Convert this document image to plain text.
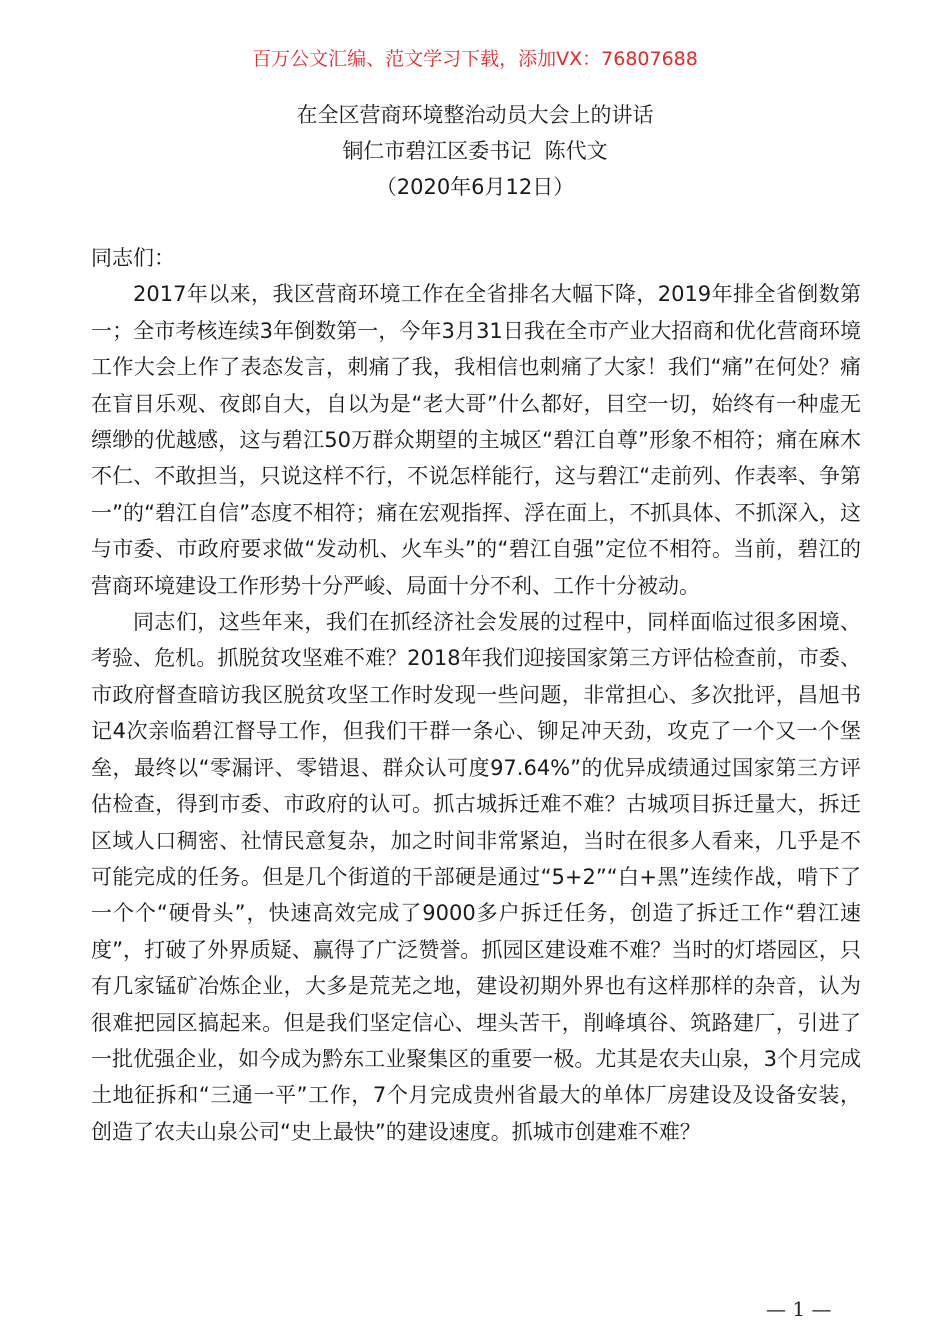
百万公文汇编、范文学习下载，添加VX：76807688
在全区营商环境整治动员大会上的讲话
铜仁市碧江区委书记  陈代文
（2020年6月12日）

同志们：

2017年以来，我区营商环境工作在全省排名大幅下降，2019年排全省倒数第一；全市考核连续3年倒数第一，今年3月31日我在全市产业大招商和优化营商环境工作大会上作了表态发言，刺痛了我，我相信也刺痛了大家！我们“痛”在何处？痛在盲目乐观、夜郎自大，自以为是“老大哥”什么都好，目空一切，始终有一种虚无缥缈的优越感，这与碧江50万群众期望的主城区“碧江自尊”形象不相符；痛在麻木不仁、不敢担当，只说这样不行，不说怎样能行，这与碧江“走前列、作表率、争第一”的“碧江自信”态度不相符；痛在宏观指挥、浮在面上，不抓具体、不抓深入，这与市委、市政府要求做“发动机、火车头”的“碧江自强”定位不相符。当前，碧江的营商环境建设工作形势十分严峻、局面十分不利、工作十分被动。

同志们，这些年来，我们在抓经济社会发展的过程中，同样面临过很多困境、考验、危机。抓脱贫攻坚难不难？2018年我们迎接国家第三方评估检查前，市委、市政府督查暗访我区脱贫攻坚工作时发现一些问题，非常担心、多次批评，昌旭书记4次亲临碧江督导工作，但我们干群一条心、铆足冲天劲，攻克了一个又一个堡垒，最终以“零漏评、零错退、群众认可度97.64%”的优异成绩通过国家第三方评估检查，得到市委、市政府的认可。抓古城拆迁难不难？古城项目拆迁量大，拆迁区域人口稠密、社情民意复杂，加之时间非常紧迫，当时在很多人看来，几乎是不可能完成的任务。但是几个街道的干部硬是通过“5+2”“白+黑”连续作战，啃下了一个个“硬骨头”，快速高效完成了9000多户拆迁任务，创造了拆迁工作“碧江速度”，打破了外界质疑、赢得了广泛赞誉。抓园区建设难不难？当时的灯塔园区，只有几家锰矿冶炼企业，大多是荒芜之地，建设初期外界也有这样那样的杂音，认为很难把园区搞起来。但是我们坚定信心、埋头苦干，削峰填谷、筑路建厂，引进了一批优强企业，如今成为黔东工业聚集区的重要一极。尤其是农夫山泉，3个月完成土地征拆和“三通一平”工作，7个月完成贵州省最大的单体厂房建设及设备安装，创造了农夫山泉公司“史上最快”的建设速度。抓城市创建难不难？

— 1 —
